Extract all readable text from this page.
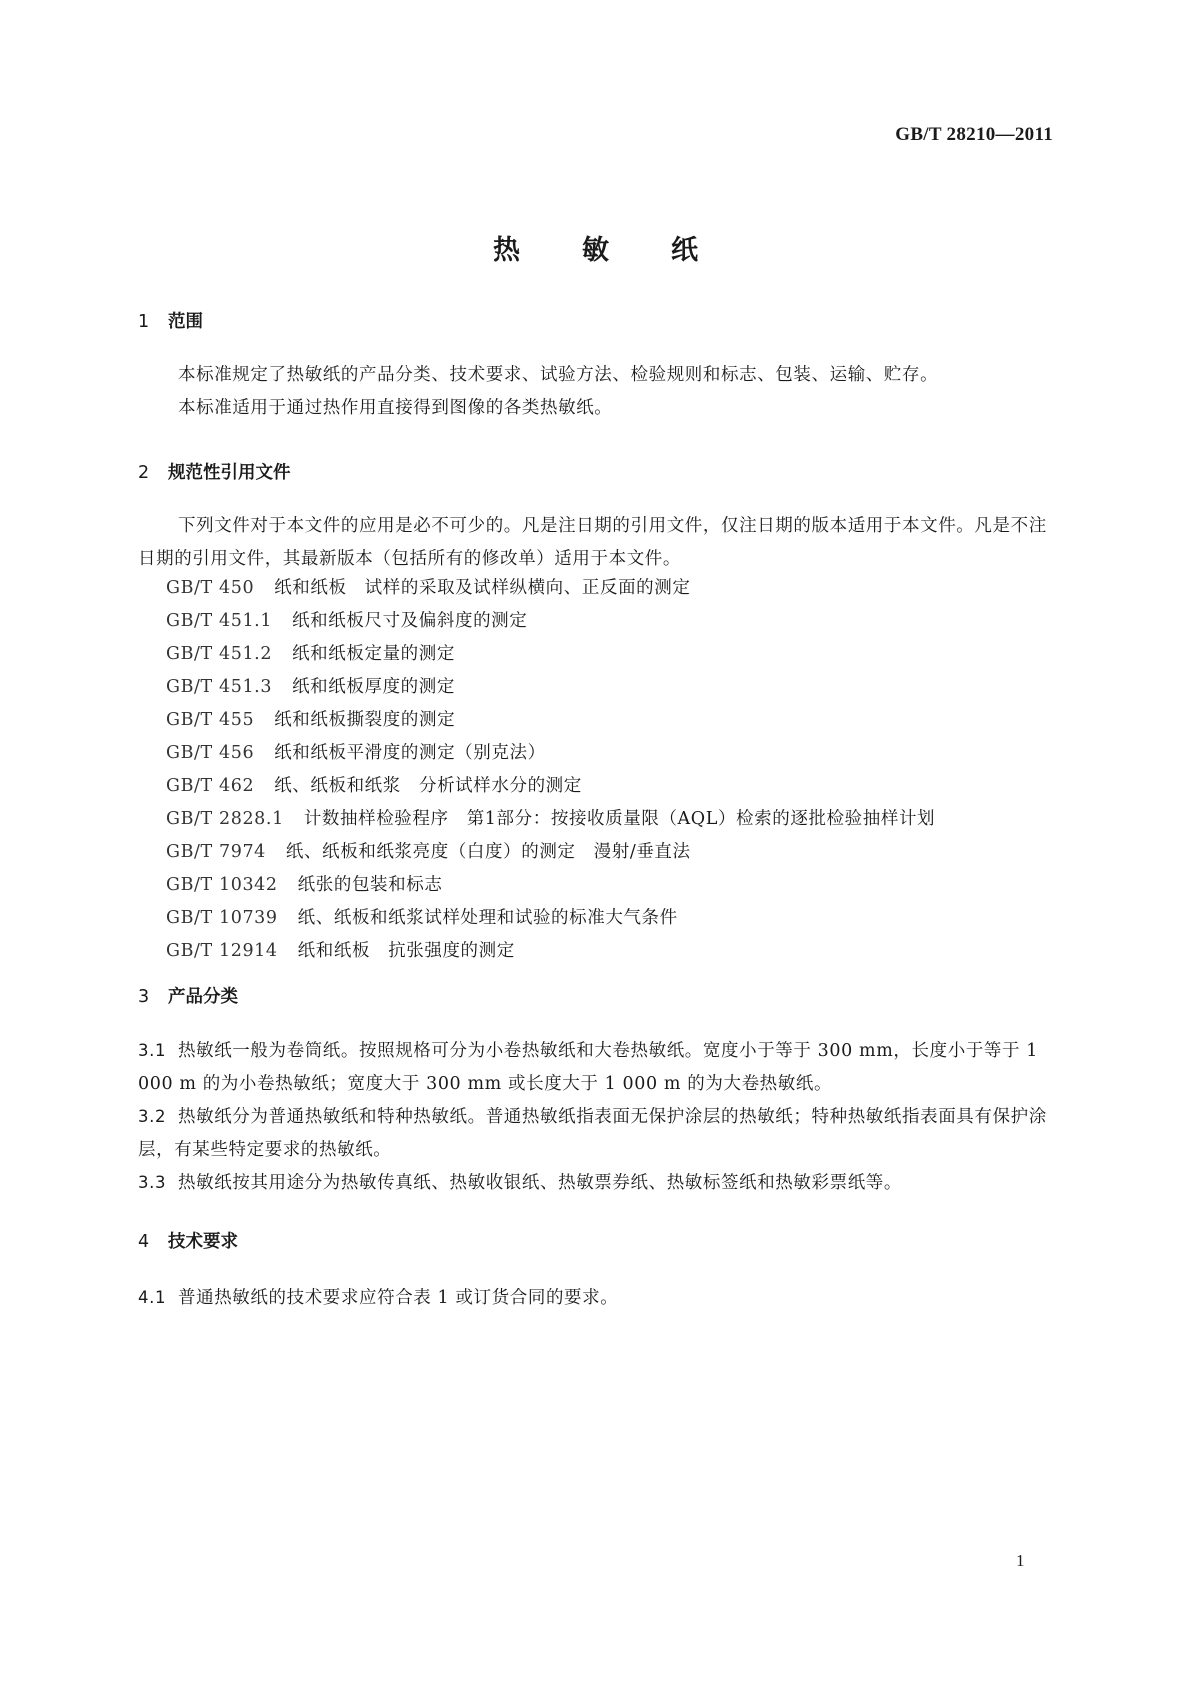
GB/T 28210—2011
热敏纸
1 范围
本标准规定了热敏纸的产品分类、技术要求、试验方法、检验规则和标志、包装、运输、贮存。
本标准适用于通过热作用直接得到图像的各类热敏纸。
2 规范性引用文件
下列文件对于本文件的应用是必不可少的。凡是注日期的引用文件，仅注日期的版本适用于本文件。凡是不注日期的引用文件，其最新版本（包括所有的修改单）适用于本文件。
GB/T 450 纸和纸板　试样的采取及试样纵横向、正反面的测定
GB/T 451.1 纸和纸板尺寸及偏斜度的测定
GB/T 451.2 纸和纸板定量的测定
GB/T 451.3 纸和纸板厚度的测定
GB/T 455 纸和纸板撕裂度的测定
GB/T 456 纸和纸板平滑度的测定（别克法）
GB/T 462 纸、纸板和纸浆　分析试样水分的测定
GB/T 2828.1 计数抽样检验程序　第1部分：按接收质量限（AQL）检索的逐批检验抽样计划
GB/T 7974 纸、纸板和纸浆亮度（白度）的测定　漫射/垂直法
GB/T 10342 纸张的包装和标志
GB/T 10739 纸、纸板和纸浆试样处理和试验的标准大气条件
GB/T 12914 纸和纸板　抗张强度的测定
3 产品分类
3.1 热敏纸一般为卷筒纸。按照规格可分为小卷热敏纸和大卷热敏纸。宽度小于等于 300 mm，长度小于等于 1 000 m 的为小卷热敏纸；宽度大于 300 mm 或长度大于 1 000 m 的为大卷热敏纸。
3.2 热敏纸分为普通热敏纸和特种热敏纸。普通热敏纸指表面无保护涂层的热敏纸；特种热敏纸指表面具有保护涂层，有某些特定要求的热敏纸。
3.3 热敏纸按其用途分为热敏传真纸、热敏收银纸、热敏票券纸、热敏标签纸和热敏彩票纸等。
4 技术要求
4.1 普通热敏纸的技术要求应符合表 1 或订货合同的要求。
1
